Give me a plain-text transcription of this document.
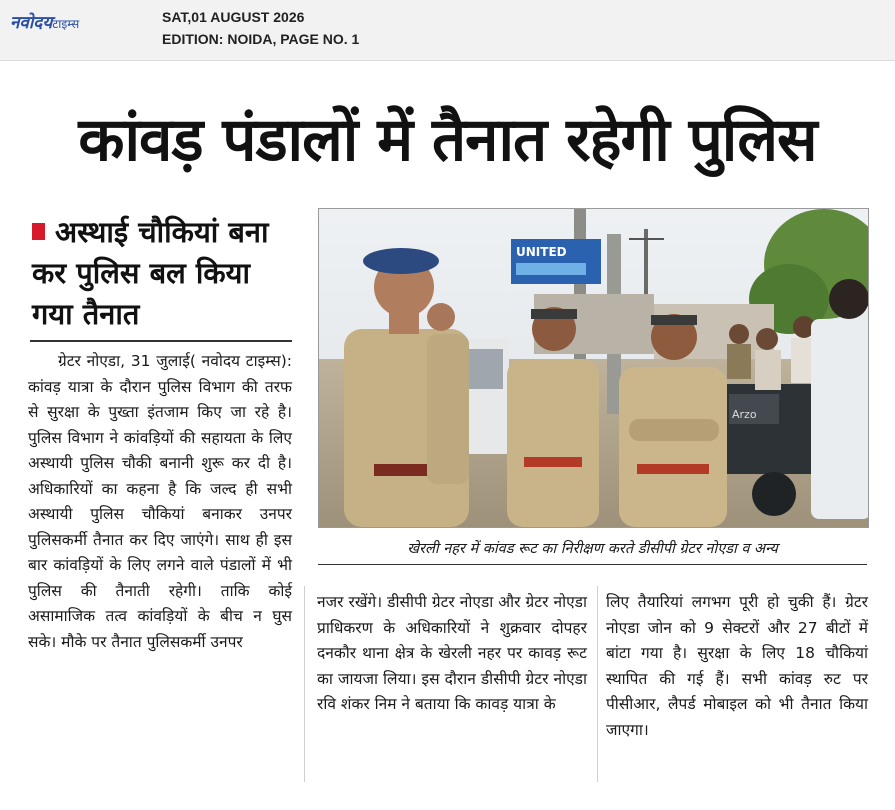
नवोदयटाइम्स	SAT,01 AUGUST 2026
EDITION: NOIDA, PAGE NO. 1
कांवड़ पंडालों में तैनात रहेगी पुलिस
अस्थाई चौकियां बना कर पुलिस बल किया गया तैनात
ग्रेटर नोएडा, 31 जुलाई( नवोदय टाइम्स): कांवड़ यात्रा के दौरान पुलिस विभाग की तरफ से सुरक्षा के पुख्ता इंतजाम किए जा रहे है। पुलिस विभाग ने कांवड़ियों की सहायता के लिए अस्थायी पुलिस चौकी बनानी शुरू कर दी है। अधिकारियों का कहना है कि जल्द ही सभी अस्थायी पुलिस चौकियां बनाकर उनपर पुलिसकर्मी तैनात कर दिए जाएंगे। साथ ही इस बार कांवड़ियों के लिए लगने वाले पंडालों में भी पुलिस की तैनाती रहेगी। ताकि कोई असामाजिक तत्व कांवड़ियों के बीच न घुस सके। मौके पर तैनात पुलिसकर्मी उनपर
UNITED
Arzo
खेरली नहर में कांवड रूट का निरीक्षण करते डीसीपी ग्रेटर नोएडा व अन्य
नजर रखेंगे। डीसीपी ग्रेटर नोएडा और ग्रेटर नोएडा प्राधिकरण के अधिकारियों ने शुक्रवार दोपहर दनकौर थाना क्षेत्र के खेरली नहर पर कावड़ रूट का जायजा लिया। इस दौरान डीसीपी ग्रेटर नोएडा रवि शंकर निम ने बताया कि कावड़ यात्रा के
लिए तैयारियां लगभग पूरी हो चुकी हैं। ग्रेटर नोएडा जोन को 9 सेक्टरों और 27 बीटों में बांटा गया है। सुरक्षा के लिए 18 चौकियां स्थापित की गई हैं। सभी कांवड़ रुट पर पीसीआर, लैपर्ड मोबाइल को भी तैनात किया जाएगा।
